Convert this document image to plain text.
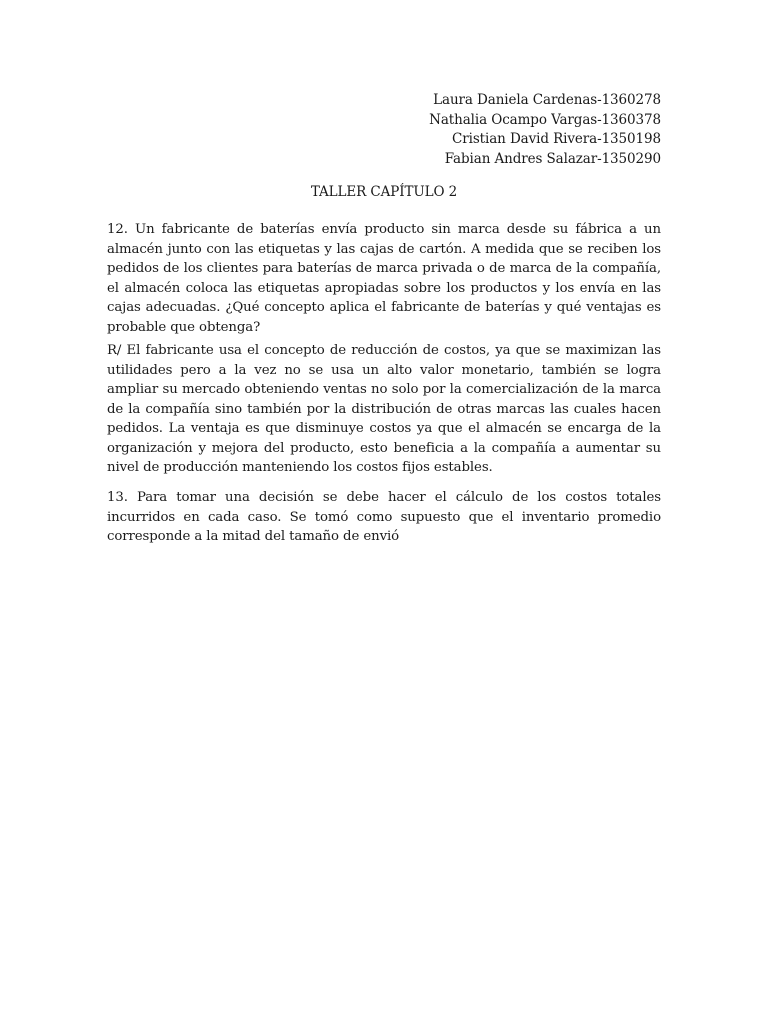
Laura Daniela Cardenas-1360278
Nathalia Ocampo Vargas-1360378
Cristian David Rivera-1350198
Fabian Andres Salazar-1350290

TALLER CAPÍTULO 2

12. Un fabricante de baterías envía producto sin marca desde su fábrica a un almacén junto con las etiquetas y las cajas de cartón. A medida que se reciben los pedidos de los clientes para baterías de marca privada o de marca de la compañía, el almacén coloca las etiquetas apropiadas sobre los productos y los envía en las cajas adecuadas. ¿Qué concepto aplica el fabricante de baterías y qué ventajas es probable que obtenga?

R/ El fabricante usa el concepto de reducción de costos, ya que se maximizan las utilidades pero a la vez no se usa un alto valor monetario, también se logra ampliar su mercado obteniendo ventas no solo por la comercialización de la marca de la compañía sino también por la distribución de otras marcas las cuales hacen pedidos. La ventaja es que disminuye costos ya que el almacén se encarga de la organización y mejora del producto, esto beneficia a la compañía a aumentar su nivel de producción manteniendo los costos fijos estables.

13. Para tomar una decisión se debe hacer el cálculo de los costos totales incurridos en cada caso. Se tomó como supuesto que el inventario promedio corresponde a la mitad del tamaño de envió
